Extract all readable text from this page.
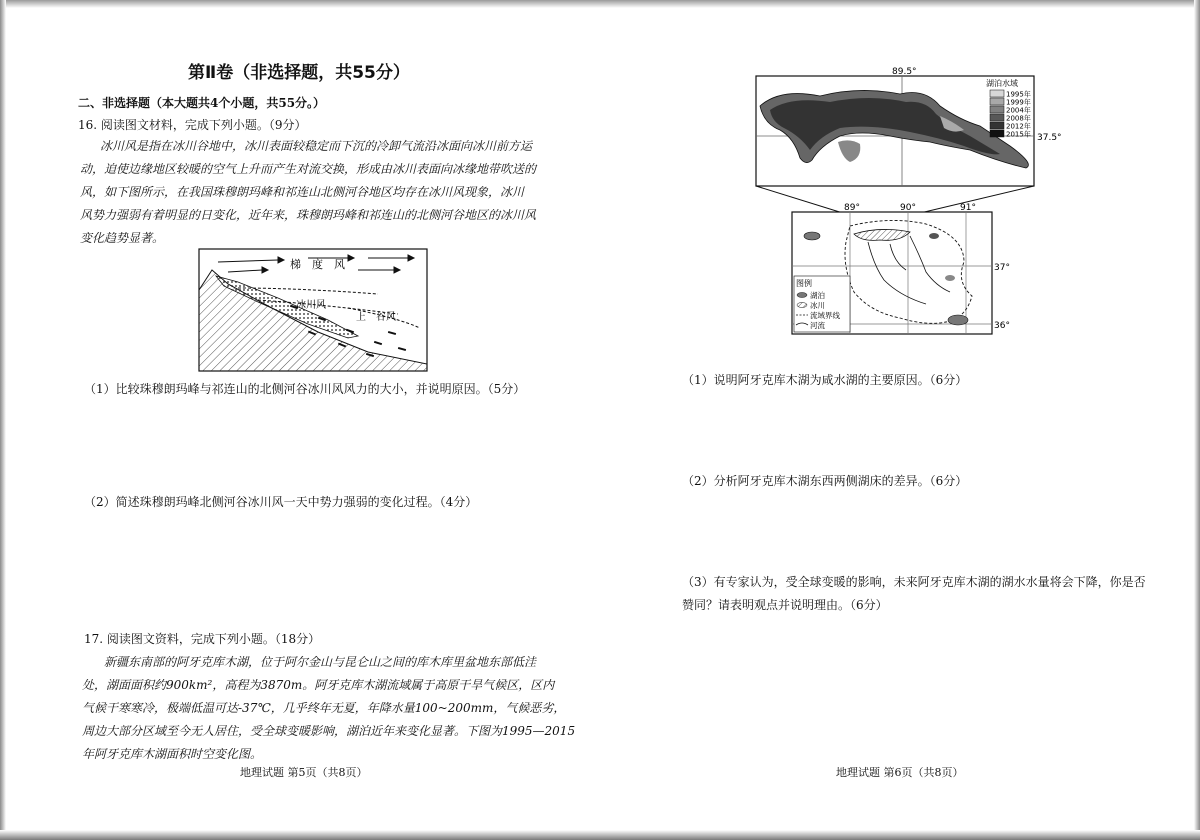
第Ⅱ卷（非选择题，共55分）
二、非选择题（本大题共4个小题，共55分。）
16. 阅读图文材料，完成下列小题。（9分）
冰川风是指在冰川谷地中，冰川表面较稳定而下沉的冷卸气流沿冰面向冰川前方运
动，迫使边缘地区较暖的空气上升而产生对流交换，形成由冰川表面向冰缘地带吹送的
风，如下图所示，在我国珠穆朗玛峰和祁连山北侧河谷地区均存在冰川风现象，冰川
风势力强弱有着明显的日变化，近年来，珠穆朗玛峰和祁连山的北侧河谷地区的冰川风
变化趋势显著。
梯　度　风
冰川风
上　谷风
（1）比较珠穆朗玛峰与祁连山的北侧河谷冰川风风力的大小，并说明原因。（5分）
（2）简述珠穆朗玛峰北侧河谷冰川风一天中势力强弱的变化过程。（4分）
17. 阅读图文资料，完成下列小题。（18分）
新疆东南部的阿牙克库木湖，位于阿尔金山与昆仑山之间的库木库里盆地东部低洼
处，湖面面积约900km²，高程为3870m。阿牙克库木湖流域属于高原干旱气候区，区内
气候干寒寒冷，极端低温可达-37℃，几乎终年无夏，年降水量100~200mm，气候恶劣，
周边大部分区域至今无人居住，受全球变暖影响，湖泊近年来变化显著。下图为1995—2015
年阿牙克库木湖面积时空变化图。
地理试题 第5页（共8页）
89.5°
37.5°
湖泊水域
1995年
1999年
2004年
2008年
2012年
2015年
89°	90°	91°
37°
36°
图例
湖泊
冰川
流域界线
河流
（1）说明阿牙克库木湖为咸水湖的主要原因。（6分）
（2）分析阿牙克库木湖东西两侧湖床的差异。（6分）
（3）有专家认为，受全球变暖的影响，未来阿牙克库木湖的湖水水量将会下降，你是否
赞同？请表明观点并说明理由。（6分）
地理试题 第6页（共8页）
